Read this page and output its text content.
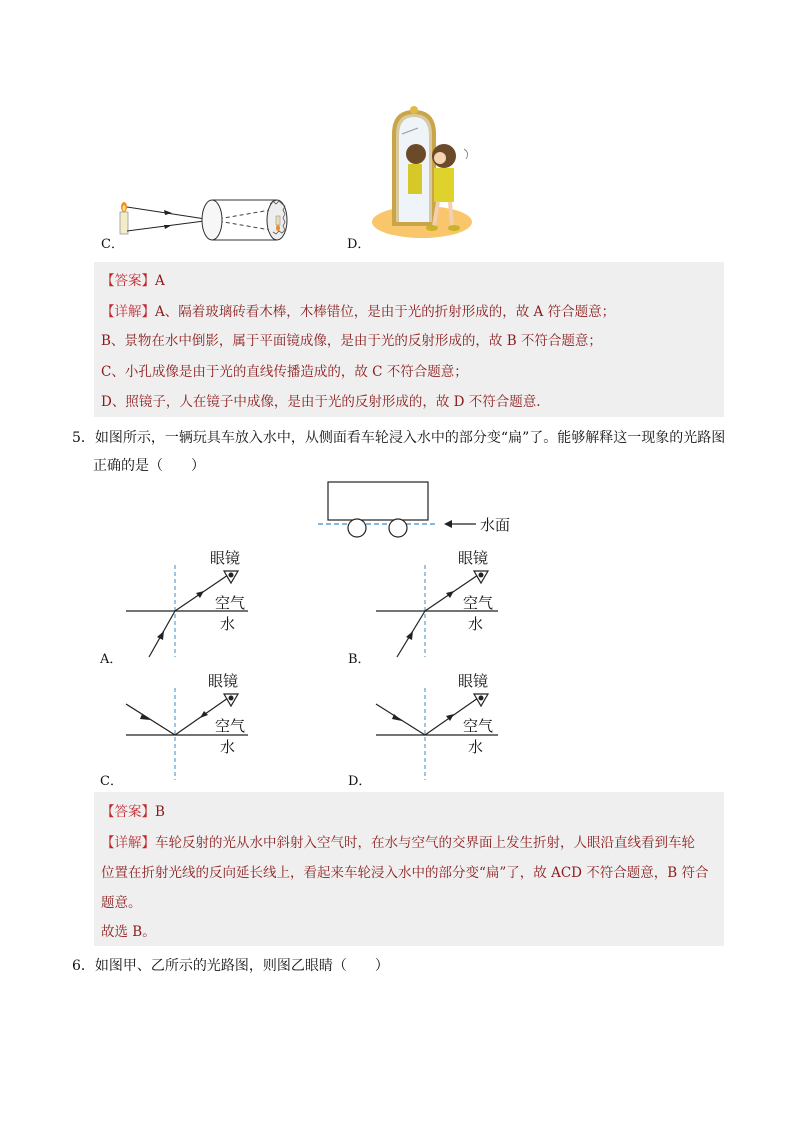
C．	D．
【答案】A
【详解】A、隔着玻璃砖看木棒，木棒错位，是由于光的折射形成的，故 A 符合题意；
B、景物在水中倒影，属于平面镜成像，是由于光的反射形成的，故 B 不符合题意；
C、小孔成像是由于光的直线传播造成的，故 C 不符合题意；
D、照镜子，人在镜子中成像，是由于光的反射形成的，故 D 不符合题意.
5．如图所示，一辆玩具车放入水中，从侧面看车轮浸入水中的部分变“扁”了。能够解释这一现象的光路图
正确的是（　　）
水面
眼镜
空气
水
A．
眼镜
空气
水
B．
眼镜
空气
水
C．
眼镜
空气
水
D．
【答案】B
【详解】车轮反射的光从水中斜射入空气时，在水与空气的交界面上发生折射，人眼沿直线看到车轮
位置在折射光线的反向延长线上，看起来车轮浸入水中的部分变“扁”了，故 ACD 不符合题意，B 符合
题意。
故选 B。
6．如图甲、乙所示的光路图，则图乙眼睛（　　）
